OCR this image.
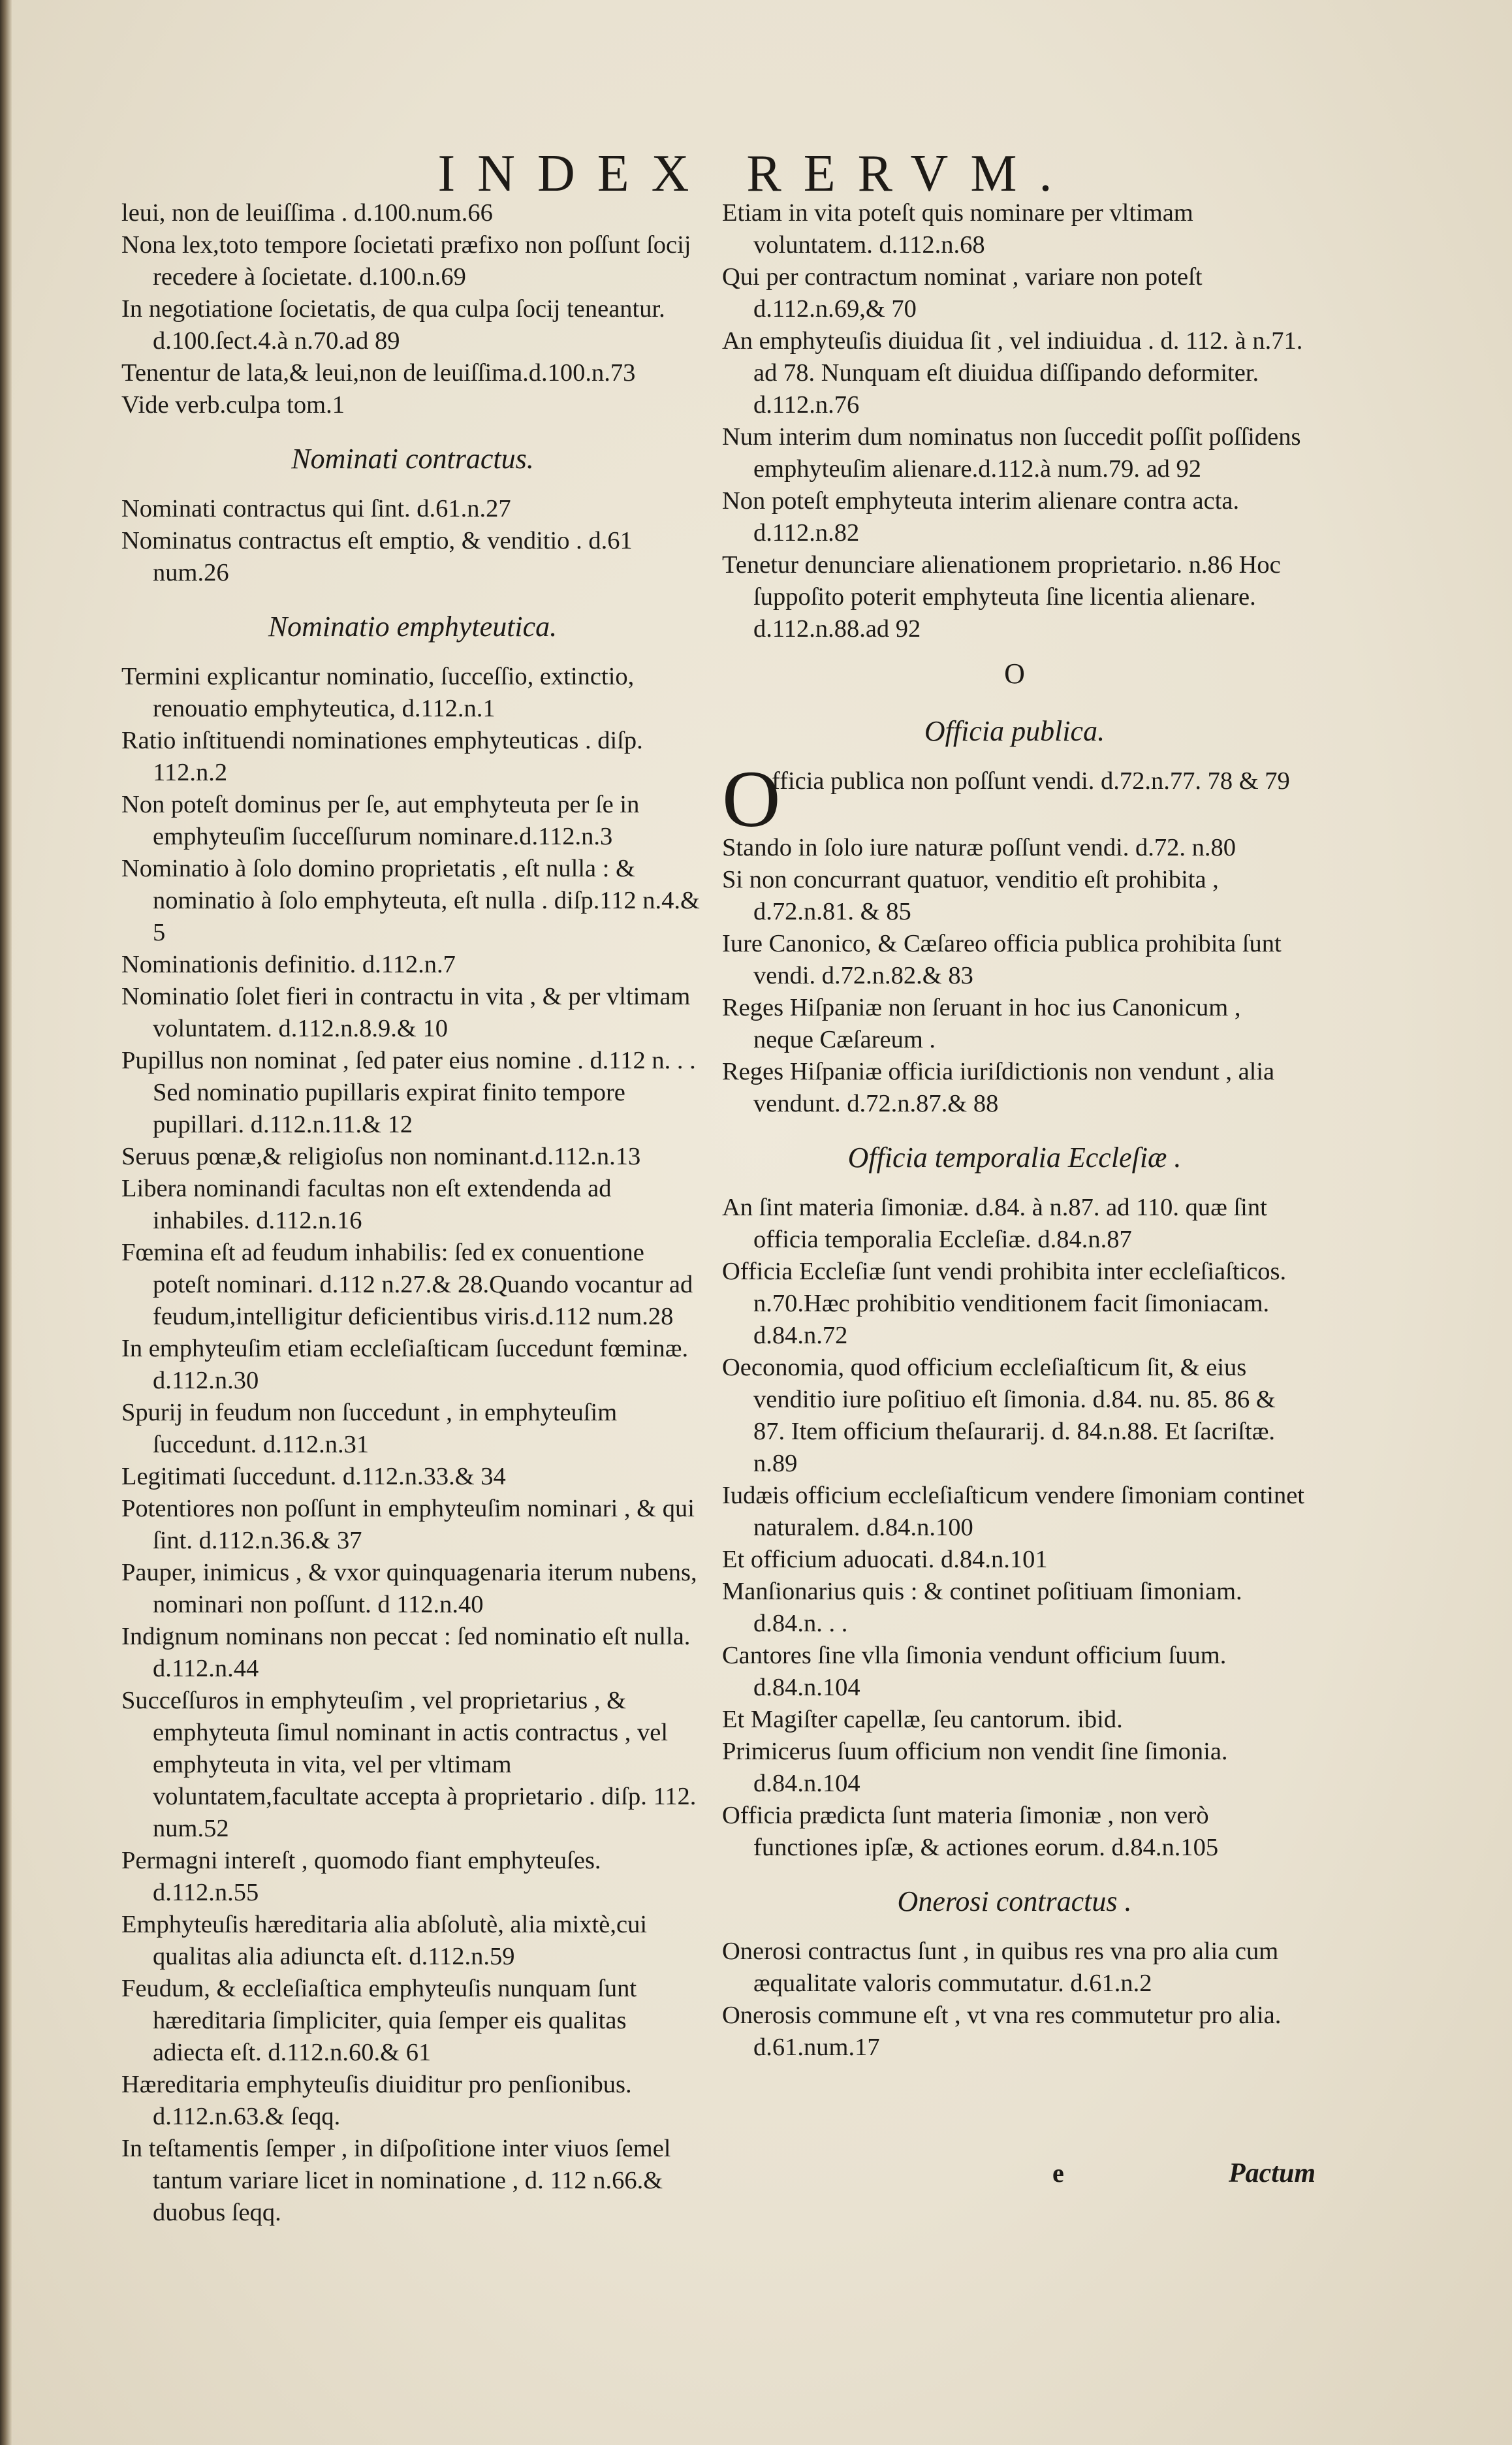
INDEX RERVM.

leui, non de leuiſſima . d.100.num.66

Nona lex,toto tempore ſocietati præfixo non poſſunt ſocij recedere à ſocietate. d.100.n.69

In negotiatione ſocietatis, de qua culpa ſocij teneantur. d.100.ſect.4.à n.70.ad 89

Tenentur de lata,& leui,non de leuiſſima.d.100.n.73

Vide verb.culpa tom.1

Nominati contractus.

Nominati contractus qui ſint. d.61.n.27

Nominatus contractus eſt emptio, & venditio . d.61 num.26

Nominatio emphyteutica.

Termini explicantur nominatio, ſucceſſio, extinctio, renouatio emphyteutica, d.112.n.1

Ratio inſtituendi nominationes emphyteuticas . diſp. 112.n.2

Non poteſt dominus per ſe, aut emphyteuta per ſe in emphyteuſim ſucceſſurum nominare.d.112.n.3

Nominatio à ſolo domino proprietatis , eſt nulla : & nominatio à ſolo emphyteuta, eſt nulla . diſp.112 n.4.& 5

Nominationis definitio. d.112.n.7

Nominatio ſolet fieri in contractu in vita , & per vltimam voluntatem. d.112.n.8.9.& 10

Pupillus non nominat , ſed pater eius nomine . d.112 n. . . Sed nominatio pupillaris expirat finito tempore pupillari. d.112.n.11.& 12

Seruus pœnæ,& religioſus non nominant.d.112.n.13

Libera nominandi facultas non eſt extendenda ad inhabiles. d.112.n.16

Fœmina eſt ad feudum inhabilis: ſed ex conuentione poteſt nominari. d.112 n.27.& 28.Quando vocantur ad feudum,intelligitur deficientibus viris.d.112 num.28

In emphyteuſim etiam eccleſiaſticam ſuccedunt fœminæ. d.112.n.30

Spurij in feudum non ſuccedunt , in emphyteuſim ſuccedunt. d.112.n.31

Legitimati ſuccedunt. d.112.n.33.& 34

Potentiores non poſſunt in emphyteuſim nominari , & qui ſint. d.112.n.36.& 37

Pauper, inimicus , & vxor quinquagenaria iterum nubens, nominari non poſſunt. d 112.n.40

Indignum nominans non peccat : ſed nominatio eſt nulla. d.112.n.44

Succeſſuros in emphyteuſim , vel proprietarius , & emphyteuta ſimul nominant in actis contractus , vel emphyteuta in vita, vel per vltimam voluntatem,facultate accepta à proprietario . diſp. 112. num.52

Permagni intereſt , quomodo fiant emphyteuſes. d.112.n.55

Emphyteuſis hæreditaria alia abſolutè, alia mixtè,cui qualitas alia adiuncta eſt. d.112.n.59

Feudum, & eccleſiaſtica emphyteuſis nunquam ſunt hæreditaria ſimpliciter, quia ſemper eis qualitas adiecta eſt. d.112.n.60.& 61

Hæreditaria emphyteuſis diuiditur pro penſionibus. d.112.n.63.& ſeqq.

In teſtamentis ſemper , in diſpoſitione inter viuos ſemel tantum variare licet in nominatione , d. 112 n.66.& duobus ſeqq.

Etiam in vita poteſt quis nominare per vltimam voluntatem. d.112.n.68

Qui per contractum nominat , variare non poteſt d.112.n.69,& 70

An emphyteuſis diuidua ſit , vel indiuidua . d. 112. à n.71. ad 78. Nunquam eſt diuidua diſſipando deformiter. d.112.n.76

Num interim dum nominatus non ſuccedit poſſit poſſidens emphyteuſim alienare.d.112.à num.79. ad 92

Non poteſt emphyteuta interim alienare contra acta. d.112.n.82

Tenetur denunciare alienationem proprietario. n.86 Hoc ſuppoſito poterit emphyteuta ſine licentia alienare. d.112.n.88.ad 92

O
Officia publica.
O
fficia publica non poſſunt vendi. d.72.n.77. 78 & 79

Stando in ſolo iure naturæ poſſunt vendi. d.72. n.80

Si non concurrant quatuor, venditio eſt prohibita , d.72.n.81. & 85

Iure Canonico, & Cæſareo officia publica prohibita ſunt vendi. d.72.n.82.& 83

Reges Hiſpaniæ non ſeruant in hoc ius Canonicum , neque Cæſareum .

Reges Hiſpaniæ officia iuriſdictionis non vendunt , alia vendunt. d.72.n.87.& 88

Officia temporalia Eccleſiæ .

An ſint materia ſimoniæ. d.84. à n.87. ad 110. quæ ſint officia temporalia Eccleſiæ. d.84.n.87

Officia Eccleſiæ ſunt vendi prohibita inter eccleſiaſticos. n.70.Hæc prohibitio venditionem facit ſimoniacam. d.84.n.72

Oeconomia, quod officium eccleſiaſticum ſit, & eius venditio iure poſitiuo eſt ſimonia. d.84. nu. 85. 86 & 87. Item officium theſaurarij. d. 84.n.88. Et ſacriſtæ. n.89

Iudæis officium eccleſiaſticum vendere ſimoniam continet naturalem. d.84.n.100

Et officium aduocati. d.84.n.101

Manſionarius quis : & continet poſitiuam ſimoniam. d.84.n. . .

Cantores ſine vlla ſimonia vendunt officium ſuum. d.84.n.104

Et Magiſter capellæ, ſeu cantorum. ibid.

Primicerus ſuum officium non vendit ſine ſimonia. d.84.n.104

Officia prædicta ſunt materia ſimoniæ , non verò functiones ipſæ, & actiones eorum. d.84.n.105

Onerosi contractus .

Onerosi contractus ſunt , in quibus res vna pro alia cum æqualitate valoris commutatur. d.61.n.2

Onerosis commune eſt , vt vna res commutetur pro alia. d.61.num.17

e	Pactum
